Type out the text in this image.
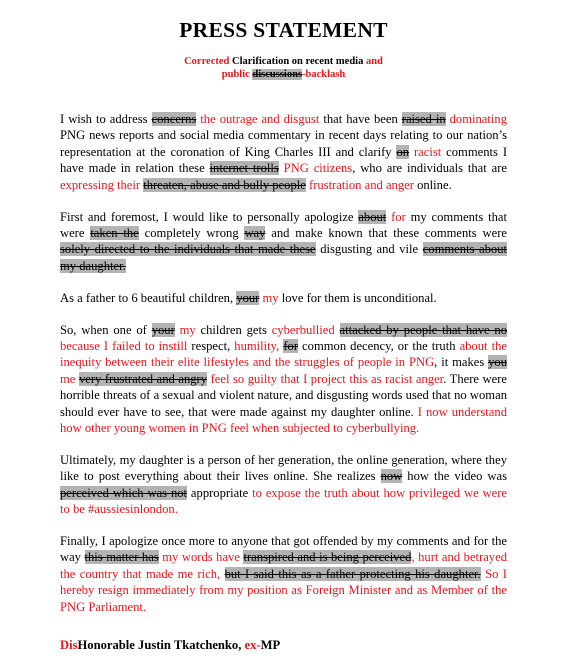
PRESS STATEMENT
Corrected Clarification on recent media and
public discussions-backlash

I wish to address concerns the outrage and disgust that have been raised in dominating PNG news reports and social media commentary in recent days relating to our nation’s representation at the coronation of King Charles III and clarify on racist comments I have made in relation these internet trolls PNG citizens, who are individuals that are expressing their threaten, abuse and bully people frustration and anger online.

First and foremost, I would like to personally apologize about for my comments that were taken the completely wrong way and make known that these comments were solely directed to the individuals that made these disgusting and vile comments about my daughter.

As a father to 6 beautiful children, your my love for them is unconditional.

So, when one of your my children gets cyberbullied attacked by people that have no because I failed to instill respect, humility, for common decency, or the truth about the inequity between their elite lifestyles and the struggles of people in PNG, it makes you me very frustrated and angry feel so guilty that I project this as racist anger. There were horrible threats of a sexual and violent nature, and disgusting words used that no woman should ever have to see, that were made against my daughter online. I now understand how other young women in PNG feel when subjected to cyberbullying.

Ultimately, my daughter is a person of her generation, the online generation, where they like to post everything about their lives online. She realizes now how the video was perceived which was not appropriate to expose the truth about how privileged we were to be #aussiesinlondon.

Finally, I apologize once more to anyone that got offended by my comments and for the way this matter has my words have transpired and is being perceived, hurt and betrayed the country that made me rich, but I said this as a father protecting his daughter. So I hereby resign immediately from my position as Foreign Minister and as Member of the PNG Parliament.

DisHonorable Justin Tkatchenko, ex-MP
